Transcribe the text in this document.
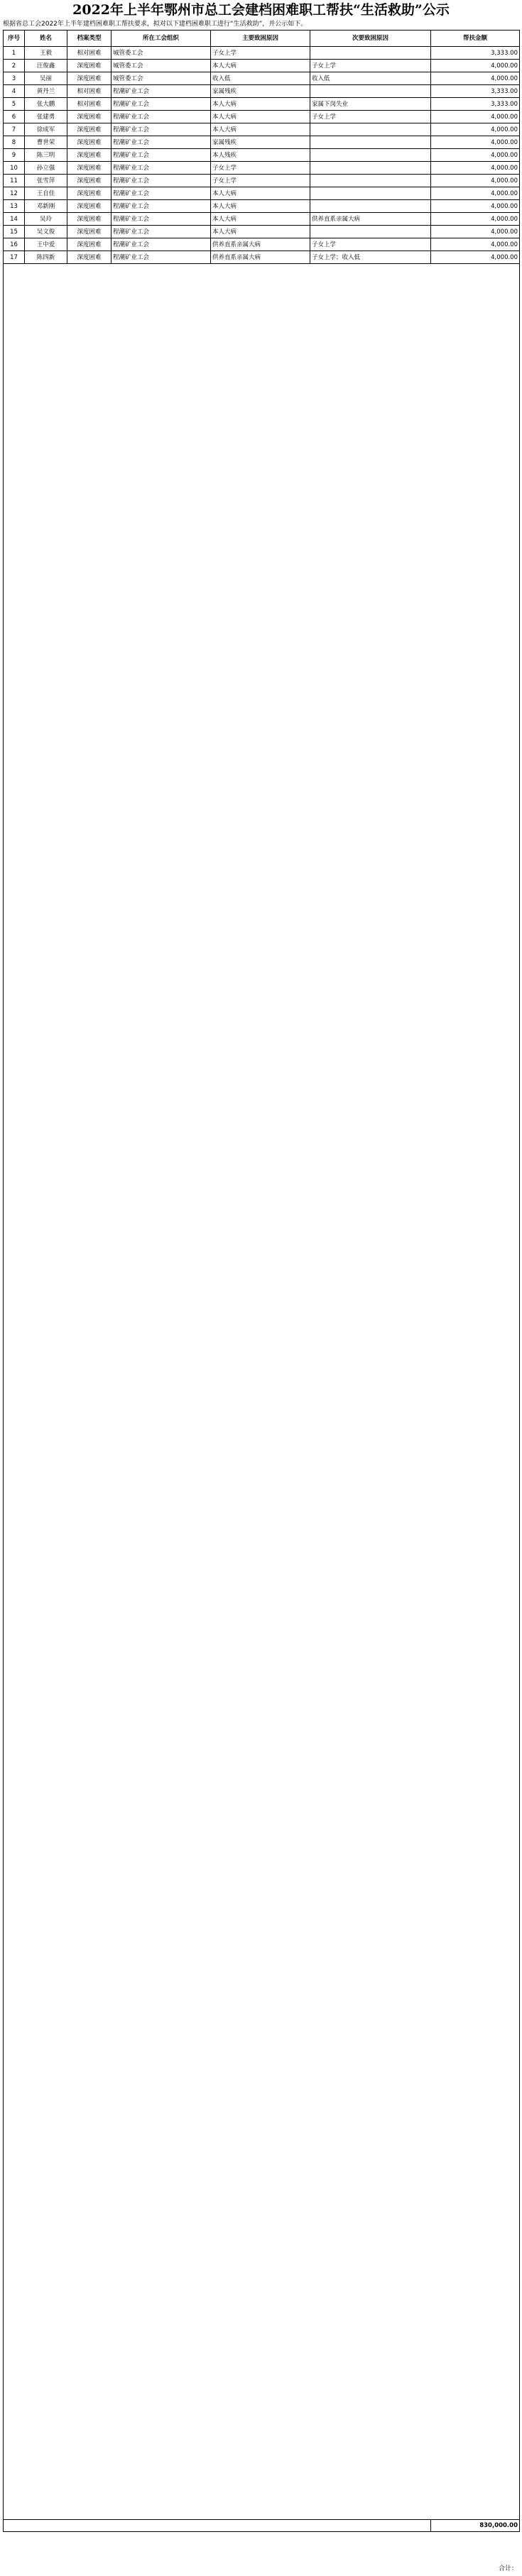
2022年上半年鄂州市总工会建档困难职工帮扶“生活救助”公示
根据省总工会2022年上半年建档困难职工帮扶要求，拟对以下建档困难职工进行“生活救助”，并公示如下。
序号	姓名	档案类型	所在工会组织	主要致困原因	次要致困原因	帮扶金额
1	王毅	相对困难	城管委工会	子女上学		3,333.00
2	汪俊鑫	深度困难	城管委工会	本人大病	子女上学	4,000.00
3	吴丽	深度困难	城管委工会	收入低	收入低	4,000.00
4	黄丹兰	相对困难	程潮矿业工会	家属残疾		3,333.00
5	张大鹏	相对困难	程潮矿业工会	本人大病	家属下岗失业	3,333.00
6	张建勇	深度困难	程潮矿业工会	本人大病	子女上学	4,000.00
7	徐成军	深度困难	程潮矿业工会	本人大病		4,000.00
8	曹世荣	深度困难	程潮矿业工会	家属残疾		4,000.00
9	陈三明	深度困难	程潮矿业工会	本人残疾		4,000.00
10	孙立强	深度困难	程潮矿业工会	子女上学		4,000.00
11	张雪萍	深度困难	程潮矿业工会	子女上学		4,000.00
12	王自佳	深度困难	程潮矿业工会	本人大病		4,000.00
13	邓新刚	深度困难	程潮矿业工会	本人大病		4,000.00
14	吴玲	深度困难	程潮矿业工会	本人大病	供养直系亲属大病	4,000.00
15	吴文俊	深度困难	程潮矿业工会	本人大病		4,000.00
16	王中爱	深度困难	程潮矿业工会	供养直系亲属大病	子女上学	4,000.00
17	陈四新	深度困难	程潮矿业工会	供养直系亲属大病	子女上学；收入低	4,000.00

						830,000.00
合计：
